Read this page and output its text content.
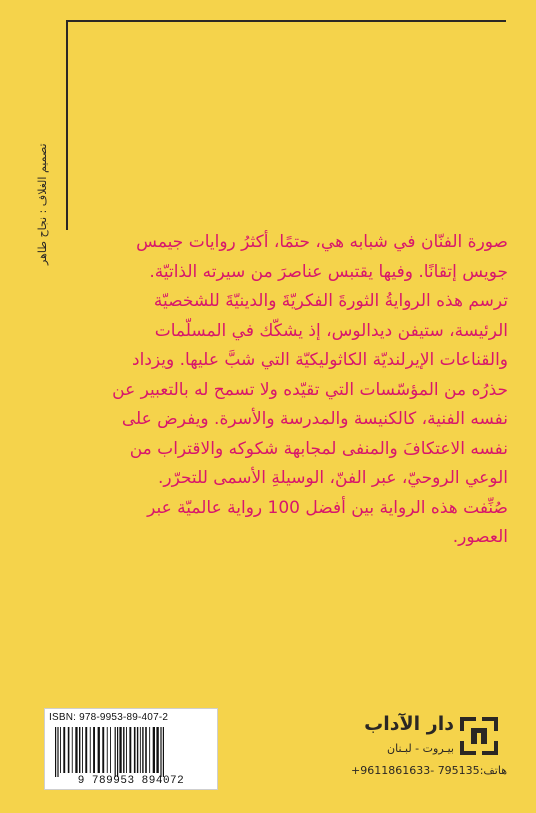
تصميم الغلاف : نجاح طاهر	صورة الفنّان في شبابه هي، حتمًا، أكثرُ روايات جيمس
جويس إتقانًا. وفيها يقتبس عناصرَ من سيرته الذاتيّة.
ترسم هذه الروايةُ الثورةَ الفكريّةَ والدينيّةَ للشخصيّة
الرئيسة، ستيفن ديدالوس، إذ يشكّك في المسلّمات
والقناعات الإيرلنديّة الكاثوليكيّة التي شبَّ عليها. ويزداد
حذرُه من المؤسّسات التي تقيّده ولا تسمح له بالتعبير عن
نفسه الفنية، كالكنيسة والمدرسة والأسرة. ويفرض على
نفسه الاعتكافَ والمنفى لمجابهة شكوكه والاقتراب من
الوعي الروحيّ، عبر الفنّ، الوسيلةِ الأسمى للتحرّر.
صُنِّفت هذه الرواية بين أفضل 100 رواية عالميّة عبر
العصور.
ISBN: 978-9953-89-407-2
9 789953 894072
دار الآداب
بيـروت - لبـنان
هاتف:795135 -9611861633+
